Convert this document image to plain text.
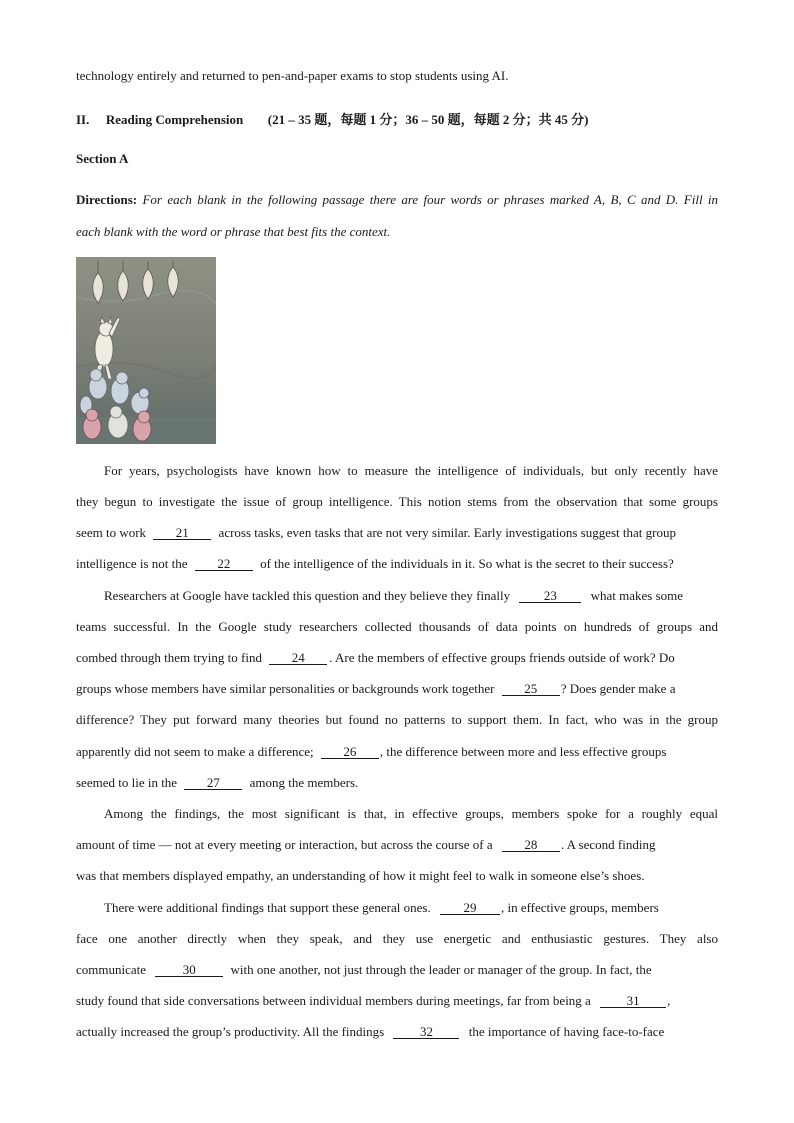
technology entirely and returned to pen-and-paper exams to stop students using AI.
II. Reading Comprehension (21 – 35 题，每题 1 分；36 – 50 题，每题 2 分；共 45 分)
Section A
Directions: For each blank in the following passage there are four words or phrases marked A, B, C and D. Fill in
each blank with the word or phrase that best fits the context.
For years, psychologists have known how to measure the intelligence of individuals, but only recently have
they begun to investigate the issue of group intelligence. This notion stems from the observation that some groups
seem to work 21 across tasks, even tasks that are not very similar. Early investigations suggest that group
intelligence is not the 22 of the intelligence of the individuals in it. So what is the secret to their success?
Researchers at Google have tackled this question and they believe they finally	23	what makes some
teams successful. In the Google study researchers collected thousands of data points on hundreds of groups and
combed through them trying to find 24 . Are the members of effective groups friends outside of work? Do
groups whose members have similar personalities or backgrounds work together 25 ? Does gender make a
difference? They put forward many theories but found no patterns to support them. In fact, who was in the group
apparently did not seem to make a difference; 26 , the difference between more and less effective groups
seemed to lie in the 27 among the members.
Among the findings, the most significant is that, in effective groups, members spoke for a roughly equal
amount of time — not at every meeting or interaction, but across the course of a 28 . A second finding
was that members displayed empathy, an understanding of how it might feel to walk in someone else’s shoes.
There were additional findings that support these general ones.	29 , in effective groups, members
face one another directly when they speak, and they use energetic and enthusiastic gestures. They also
communicate	30	with one another, not just through the leader or manager of the group. In fact, the
study found that side conversations between individual members during meetings, far from being a	31 ,
actually increased the group’s productivity. All the findings	32	the importance of having face-to-face
